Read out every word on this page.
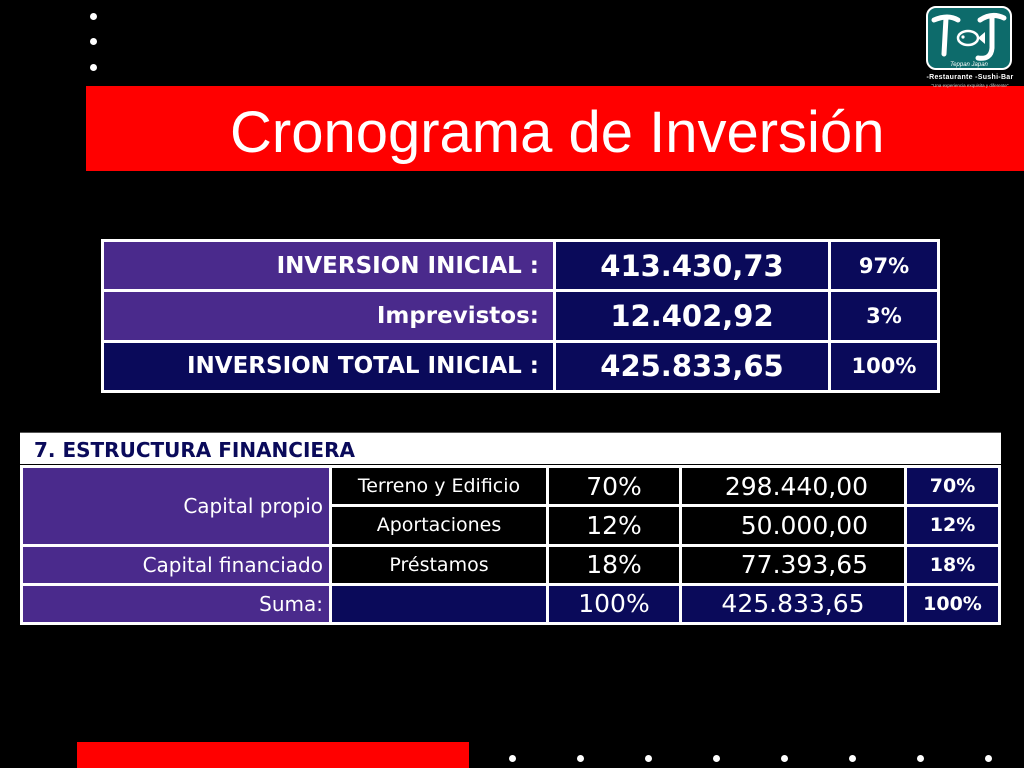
Cronograma de Inversión
Teppan Japan
-Restaurante -Sushi-Bar
"Una experiencia exquisita y diferente"
INVERSION INICIAL :	413.430,73	97%
Imprevistos:	12.402,92	3%
INVERSION TOTAL INICIAL :	425.833,65	100%
7. ESTRUCTURA FINANCIERA
Capital propio	Terreno y Edificio	70%	298.440,00	70%
	Aportaciones	12%	50.000,00	12%
Capital financiado	Préstamos	18%	77.393,65	18%
Suma:		100%	425.833,65	100%
